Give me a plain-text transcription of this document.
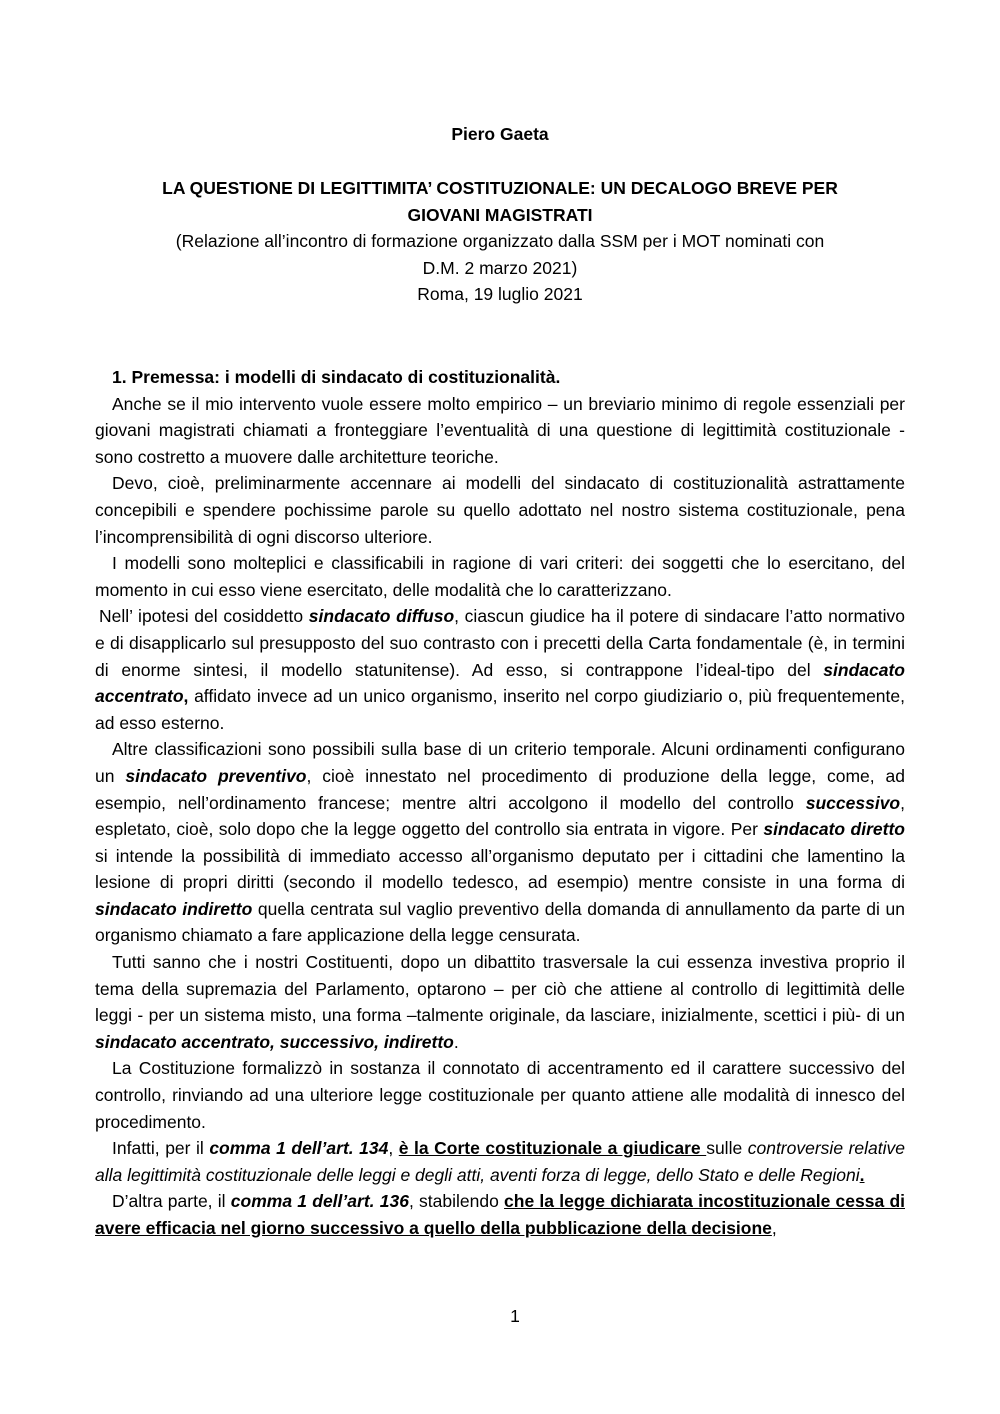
Piero Gaeta
LA QUESTIONE DI LEGITTIMITA’ COSTITUZIONALE: UN DECALOGO BREVE PER
GIOVANI MAGISTRATI
(Relazione all’incontro di formazione organizzato dalla SSM per i MOT nominati con
D.M. 2 marzo 2021)
Roma, 19 luglio 2021
1. Premessa: i modelli di sindacato di costituzionalità.

Anche se il mio intervento vuole essere molto empirico – un breviario minimo di regole essenziali per giovani magistrati chiamati a fronteggiare l’eventualità di una questione di legittimità costituzionale - sono costretto a muovere dalle architetture teoriche.

Devo, cioè, preliminarmente accennare ai modelli del sindacato di costituzionalità astrattamente concepibili e spendere pochissime parole su quello adottato nel nostro sistema costituzionale, pena l’incomprensibilità di ogni discorso ulteriore.

I modelli sono molteplici e classificabili in ragione di vari criteri: dei soggetti che lo esercitano, del momento in cui esso viene esercitato, delle modalità che lo caratterizzano.

Nell’ ipotesi del cosiddetto sindacato diffuso, ciascun giudice ha il potere di sindacare l’atto normativo e di disapplicarlo sul presupposto del suo contrasto con i precetti della Carta fondamentale (è, in termini di enorme sintesi, il modello statunitense). Ad esso, si contrappone l’ideal-tipo del sindacato accentrato, affidato invece ad un unico organismo, inserito nel corpo giudiziario o, più frequentemente, ad esso esterno.

Altre classificazioni sono possibili sulla base di un criterio temporale. Alcuni ordinamenti configurano un sindacato preventivo, cioè innestato nel procedimento di produzione della legge, come, ad esempio, nell’ordinamento francese; mentre altri accolgono il modello del controllo successivo, espletato, cioè, solo dopo che la legge oggetto del controllo sia entrata in vigore. Per sindacato diretto si intende la possibilità di immediato accesso all’organismo deputato per i cittadini che lamentino la lesione di propri diritti (secondo il modello tedesco, ad esempio) mentre consiste in una forma di sindacato indiretto quella centrata sul vaglio preventivo della domanda di annullamento da parte di un organismo chiamato a fare applicazione della legge censurata.

Tutti sanno che i nostri Costituenti, dopo un dibattito trasversale la cui essenza investiva proprio il tema della supremazia del Parlamento, optarono – per ciò che attiene al controllo di legittimità delle leggi - per un sistema misto, una forma –talmente originale, da lasciare, inizialmente, scettici i più- di un sindacato accentrato, successivo, indiretto.

La Costituzione formalizzò in sostanza il connotato di accentramento ed il carattere successivo del controllo, rinviando ad una ulteriore legge costituzionale per quanto attiene alle modalità di innesco del procedimento.

Infatti, per il comma 1 dell’art. 134, è la Corte costituzionale a giudicare sulle controversie relative alla legittimità costituzionale delle leggi e degli atti, aventi forza di legge, dello Stato e delle Regioni.

D’altra parte, il comma 1 dell’art. 136, stabilendo che la legge dichiarata incostituzionale cessa di avere efficacia nel giorno successivo a quello della pubblicazione della decisione,

1
